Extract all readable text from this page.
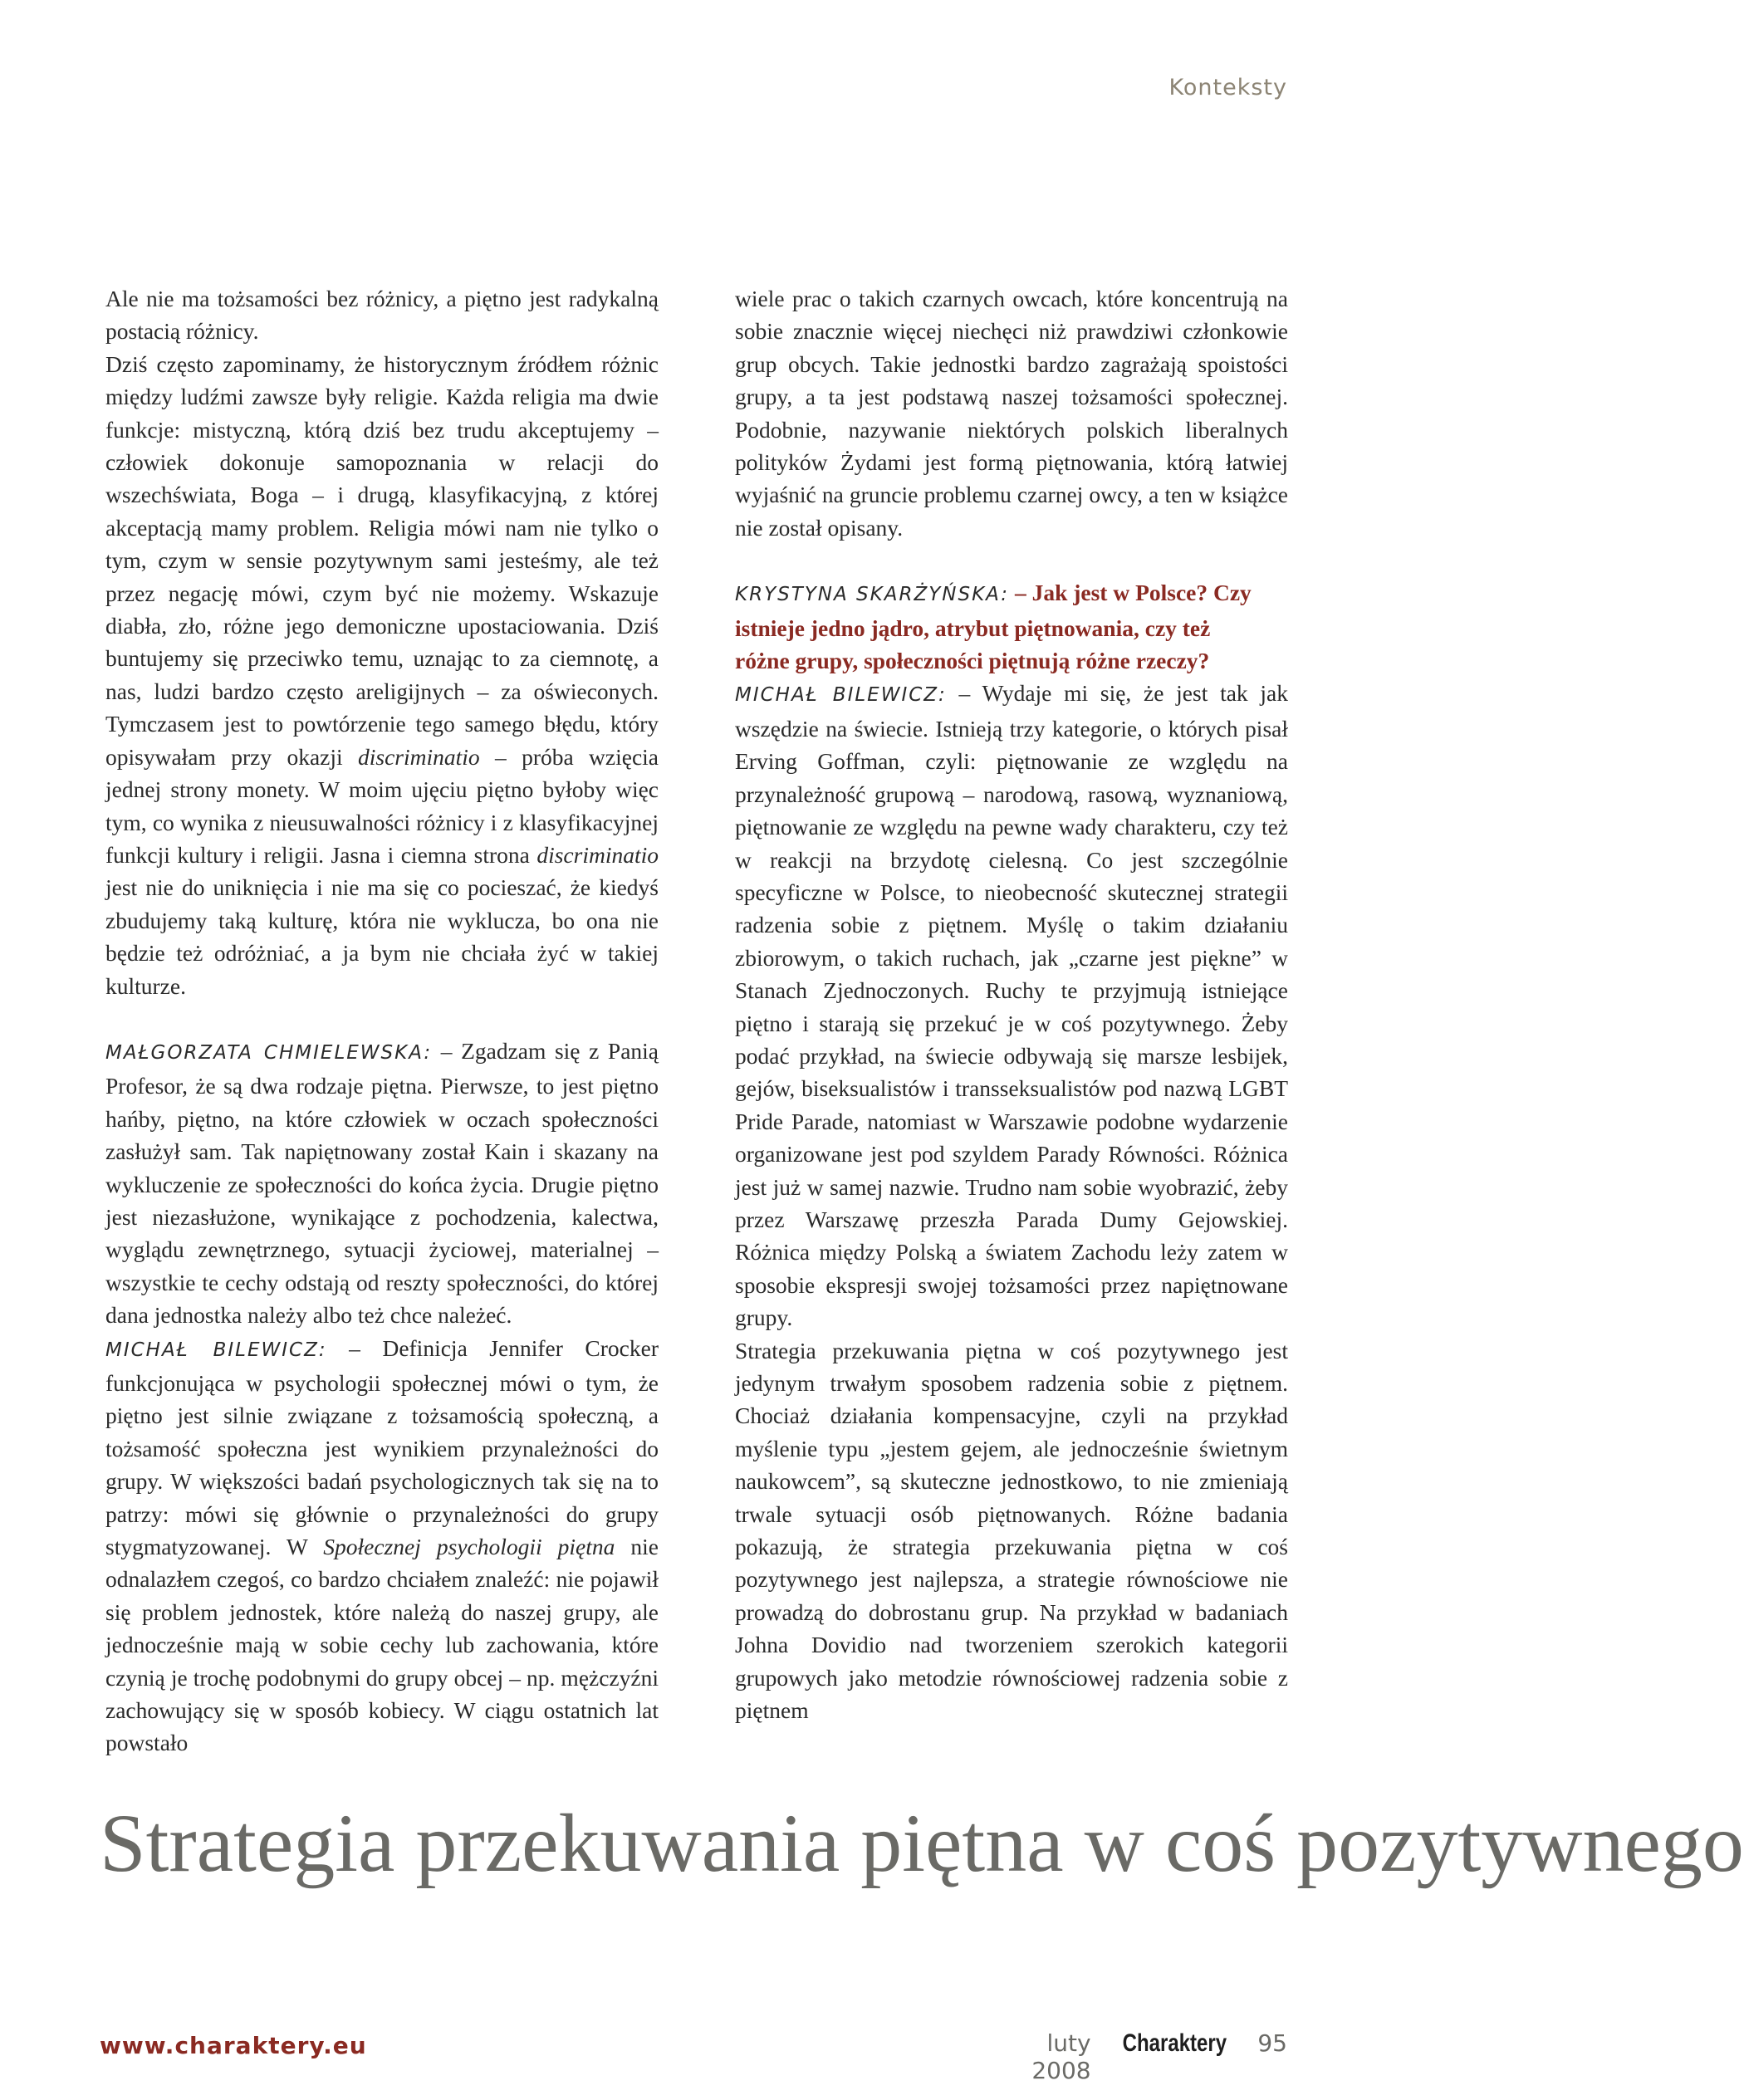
Konteksty

Ale nie ma tożsamości bez różnicy, a piętno jest radykalną postacią różnicy.

Dziś często zapominamy, że historycznym źródłem różnic między ludźmi zawsze były religie. Każda religia ma dwie funkcje: mistyczną, którą dziś bez trudu akceptujemy – człowiek dokonuje samopoznania w relacji do wszechświata, Boga – i drugą, klasyfikacyjną, z której akceptacją mamy problem. Religia mówi nam nie tylko o tym, czym w sensie pozytywnym sami jesteśmy, ale też przez negację mówi, czym być nie możemy. Wskazuje diabła, zło, różne jego demoniczne upostaciowania. Dziś buntujemy się przeciwko temu, uznając to za ciemnotę, a nas, ludzi bardzo często areligijnych – za oświeconych. Tymczasem jest to powtórzenie tego samego błędu, który opisywałam przy okazji discriminatio – próba wzięcia jednej strony monety. W moim ujęciu piętno byłoby więc tym, co wynika z nieusuwalności różnicy i z klasyfikacyjnej funkcji kultury i religii. Jasna i ciemna strona discriminatio jest nie do uniknięcia i nie ma się co pocieszać, że kiedyś zbudujemy taką kulturę, która nie wyklucza, bo ona nie będzie też odróżniać, a ja bym nie chciała żyć w takiej kulturze.

MAŁGORZATA CHMIELEWSKA: – Zgadzam się z Panią Profesor, że są dwa rodzaje piętna. Pierwsze, to jest piętno hańby, piętno, na które człowiek w oczach społeczności zasłużył sam. Tak napiętnowany został Kain i skazany na wykluczenie ze społeczności do końca życia. Drugie piętno jest niezasłużone, wynikające z pochodzenia, kalectwa, wyglądu zewnętrznego, sytuacji życiowej, materialnej – wszystkie te cechy odstają od reszty społeczności, do której dana jednostka należy albo też chce należeć.

MICHAŁ BILEWICZ: – Definicja Jennifer Crocker funkcjonująca w psychologii społecznej mówi o tym, że piętno jest silnie związane z tożsamością społeczną, a tożsamość społeczna jest wynikiem przynależności do grupy. W większości badań psychologicznych tak się na to patrzy: mówi się głównie o przynależności do grupy stygmatyzowanej. W Społecznej psychologii piętna nie odnalazłem czegoś, co bardzo chciałem znaleźć: nie pojawił się problem jednostek, które należą do naszej grupy, ale jednocześnie mają w sobie cechy lub zachowania, które czynią je trochę podobnymi do grupy obcej – np. mężczyźni zachowujący się w sposób kobiecy. W ciągu ostatnich lat powstało

wiele prac o takich czarnych owcach, które koncentrują na sobie znacznie więcej niechęci niż prawdziwi członkowie grup obcych. Takie jednostki bardzo zagrażają spoistości grupy, a ta jest podstawą naszej tożsamości społecznej. Podobnie, nazywanie niektórych polskich liberalnych polityków Żydami jest formą piętnowania, którą łatwiej wyjaśnić na gruncie problemu czarnej owcy, a ten w książce nie został opisany.

KRYSTYNA SKARŻYŃSKA: – Jak jest w Polsce? Czy istnieje jedno jądro, atrybut piętnowania, czy też różne grupy, społeczności piętnują różne rzeczy?

MICHAŁ BILEWICZ: – Wydaje mi się, że jest tak jak wszędzie na świecie. Istnieją trzy kategorie, o których pisał Erving Goffman, czyli: piętnowanie ze względu na przynależność grupową – narodową, rasową, wyznaniową, piętnowanie ze względu na pewne wady charakteru, czy też w reakcji na brzydotę cielesną. Co jest szczególnie specyficzne w Polsce, to nieobecność skutecznej strategii radzenia sobie z piętnem. Myślę o takim działaniu zbiorowym, o takich ruchach, jak „czarne jest piękne” w Stanach Zjednoczonych. Ruchy te przyjmują istniejące piętno i starają się przekuć je w coś pozytywnego. Żeby podać przykład, na świecie odbywają się marsze lesbijek, gejów, biseksualistów i transseksualistów pod nazwą LGBT Pride Parade, natomiast w Warszawie podobne wydarzenie organizowane jest pod szyldem Parady Równości. Różnica jest już w samej nazwie. Trudno nam sobie wyobrazić, żeby przez Warszawę przeszła Parada Dumy Gejowskiej. Różnica między Polską a światem Zachodu leży zatem w sposobie ekspresji swojej tożsamości przez napiętnowane grupy.

Strategia przekuwania piętna w coś pozytywnego jest jedynym trwałym sposobem radzenia sobie z piętnem. Chociaż działania kompensacyjne, czyli na przykład myślenie typu „jestem gejem, ale jednocześnie świetnym naukowcem”, są skuteczne jednostkowo, to nie zmieniają trwale sytuacji osób piętnowanych. Różne badania pokazują, że strategia przekuwania piętna w coś pozytywnego jest najlepsza, a strategie równościowe nie prowadzą do dobrostanu grup. Na przykład w badaniach Johna Dovidio nad tworzeniem szerokich kategorii grupowych jako metodzie równościowej radzenia sobie z piętnem

Strategia przekuwania piętna w coś pozytywnego
www.charaktery.eu	luty 2008
Charaktery 95
